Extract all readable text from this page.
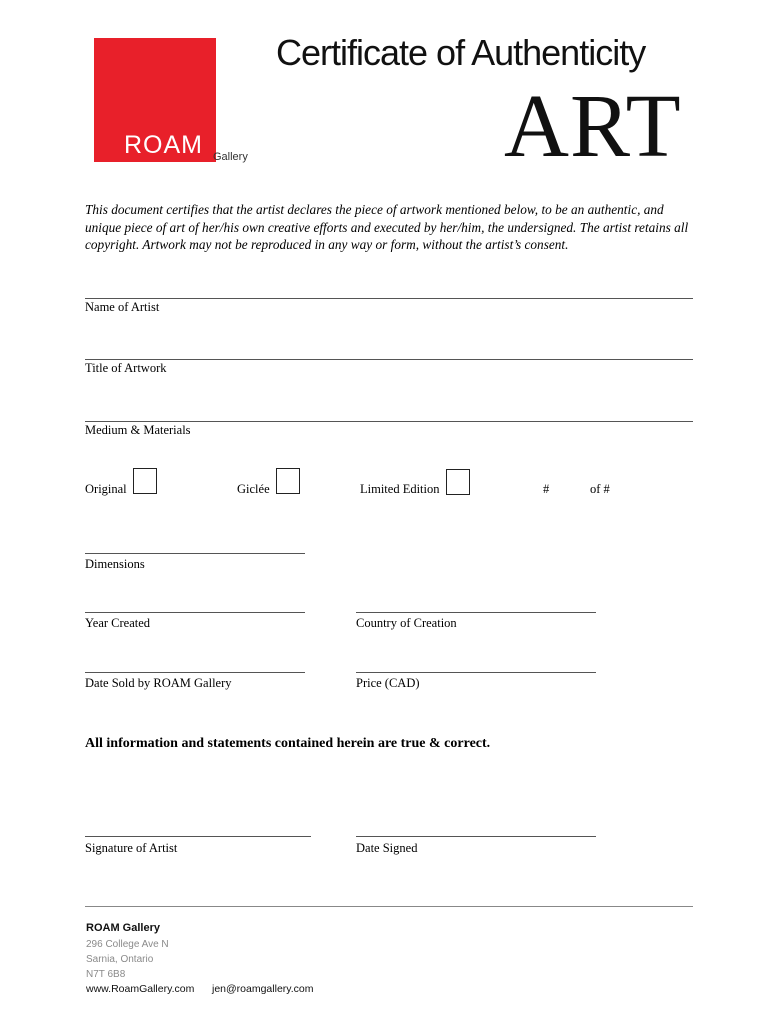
ROAM Gallery
Certificate of Authenticity
ART

This document certifies that the artist declares the piece of artwork mentioned below, to be an authentic, and unique piece of art of her/his own creative efforts and executed by her/him, the undersigned. The artist retains all copyright. Artwork may not be reproduced in any way or form, without the artist’s consent.

Name of Artist
Title of Artwork
Medium & Materials
Original	Giclée	Limited Edition	#	of #
Dimensions
Year Created	Country of Creation
Date Sold by ROAM Gallery	Price (CAD)
All information and statements contained herein are true & correct.
Signature of Artist	Date Signed
ROAM Gallery
296 College Ave N
Sarnia, Ontario
N7T 6B8
www.RoamGallery.com jen@roamgallery.com
